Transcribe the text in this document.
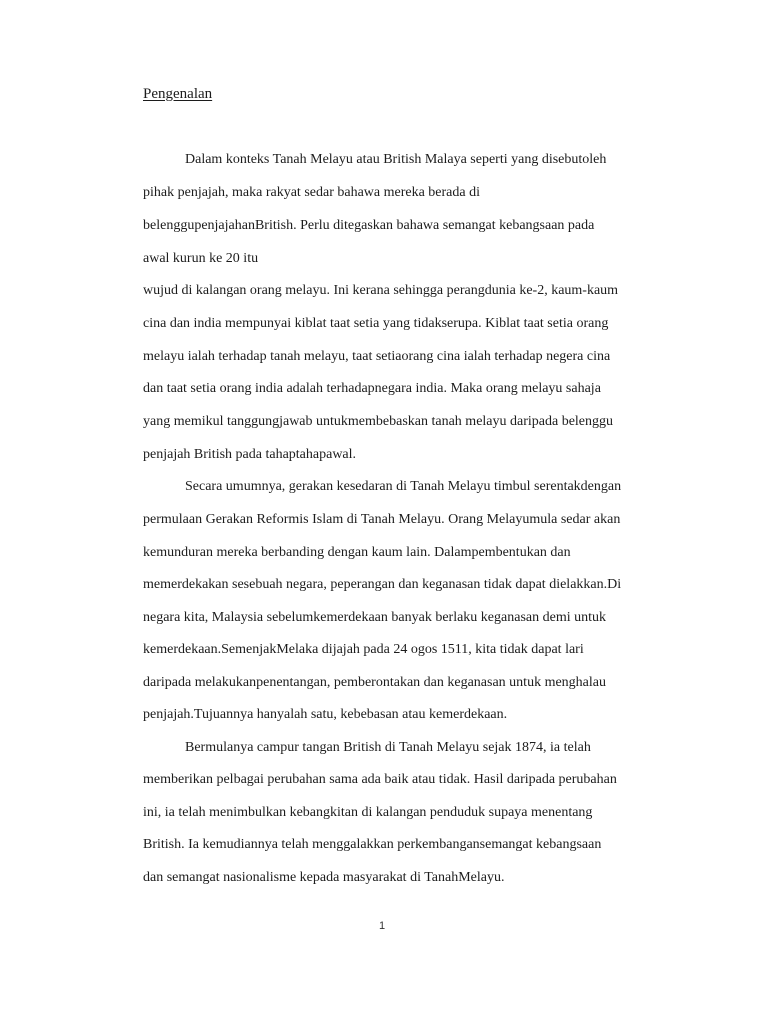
Pengenalan
Dalam konteks Tanah Melayu atau British Malaya seperti yang disebutoleh
pihak penjajah, maka rakyat sedar bahawa mereka berada di
belenggupenjajahanBritish. Perlu ditegaskan bahawa semangat kebangsaan pada
awal kurun ke 20 itu
wujud di kalangan orang melayu. Ini kerana sehingga perangdunia ke-2, kaum-kaum
cina dan india mempunyai kiblat taat setia yang tidakserupa. Kiblat taat setia orang
melayu ialah terhadap tanah melayu, taat setiaorang cina ialah terhadap negera cina
dan taat setia orang india adalah terhadapnegara india. Maka orang melayu sahaja
yang memikul tanggungjawab untukmembebaskan tanah melayu daripada belenggu
penjajah British pada tahaptahapawal.
Secara umumnya, gerakan kesedaran di Tanah Melayu timbul serentakdengan
permulaan Gerakan Reformis Islam di Tanah Melayu. Orang Melayumula sedar akan
kemunduran mereka berbanding dengan kaum lain. Dalampembentukan dan
memerdekakan sesebuah negara, peperangan dan keganasan tidak dapat dielakkan.Di
negara kita, Malaysia sebelumkemerdekaan banyak berlaku keganasan demi untuk
kemerdekaan.SemenjakMelaka dijajah pada 24 ogos 1511, kita tidak dapat lari
daripada melakukanpenentangan, pemberontakan dan keganasan untuk menghalau
penjajah.Tujuannya hanyalah satu, kebebasan atau kemerdekaan.
Bermulanya campur tangan British di Tanah Melayu sejak 1874, ia telah
memberikan pelbagai perubahan sama ada baik atau tidak. Hasil daripada perubahan
ini, ia telah menimbulkan kebangkitan di kalangan penduduk supaya menentang
British. Ia kemudiannya telah menggalakkan perkembangansemangat kebangsaan
dan semangat nasionalisme kepada masyarakat di TanahMelayu.
1
